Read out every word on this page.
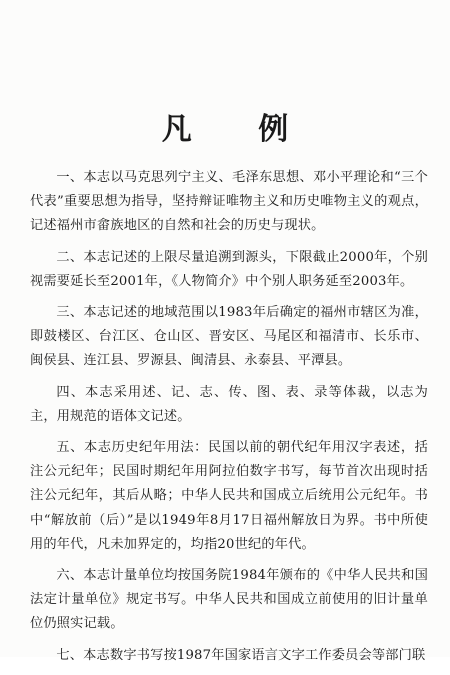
凡 例

一、本志以马克思列宁主义、毛泽东思想、邓小平理论和“三个代表”重要思想为指导，坚持辩证唯物主义和历史唯物主义的观点，记述福州市畲族地区的自然和社会的历史与现状。

二、本志记述的上限尽量追溯到源头，下限截止2000年，个别视需要延长至2001年，《人物简介》中个别人职务延至2003年。

三、本志记述的地域范围以1983年后确定的福州市辖区为准，即鼓楼区、台江区、仓山区、晋安区、马尾区和福清市、长乐市、闽侯县、连江县、罗源县、闽清县、永泰县、平潭县。

四、本志采用述、记、志、传、图、表、录等体裁，以志为主，用规范的语体文记述。

五、本志历史纪年用法：民国以前的朝代纪年用汉字表述，括注公元纪年；民国时期纪年用阿拉伯数字书写，每节首次出现时括注公元纪年，其后从略；中华人民共和国成立后统用公元纪年。书中“解放前（后）”是以1949年8月17日福州解放日为界。书中所使用的年代，凡未加界定的，均指20世纪的年代。

六、本志计量单位均按国务院1984年颁布的《中华人民共和国法定计量单位》规定书写。中华人民共和国成立前使用的旧计量单位仍照实记载。

七、本志数字书写按1987年国家语言文字工作委员会等部门联
